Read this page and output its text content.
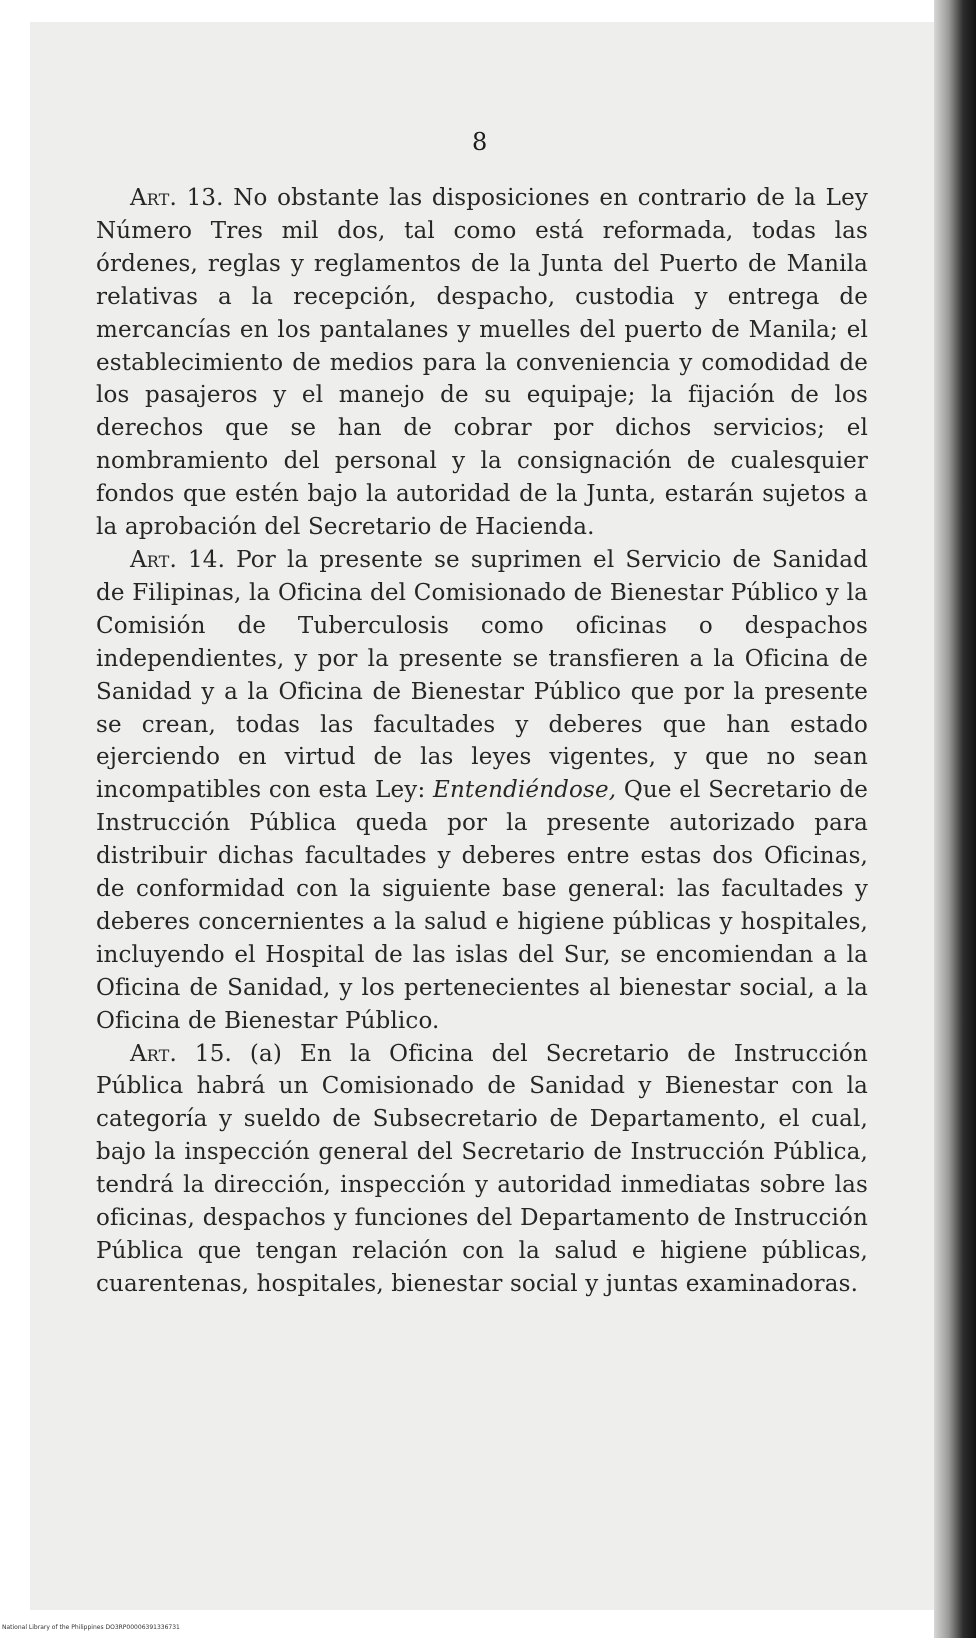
8

Art. 13. No obstante las disposiciones en contrario de la Ley Número Tres mil dos, tal como está reformada, todas las órdenes, reglas y reglamentos de la Junta del Puerto de Manila relativas a la recepción, despacho, custodia y entrega de mercancías en los pantalanes y muelles del puerto de Manila; el establecimiento de medios para la conveniencia y comodidad de los pasajeros y el manejo de su equipaje; la fijación de los derechos que se han de cobrar por dichos servicios; el nombramiento del personal y la consignación de cualesquier fondos que estén bajo la autoridad de la Junta, estarán sujetos a la aprobación del Secretario de Hacienda.

Art. 14. Por la presente se suprimen el Servicio de Sanidad de Filipinas, la Oficina del Comisionado de Bienestar Público y la Comisión de Tuberculosis como oficinas o despachos independientes, y por la presente se transfieren a la Oficina de Sanidad y a la Oficina de Bienestar Público que por la presente se crean, todas las facultades y deberes que han estado ejerciendo en virtud de las leyes vigentes, y que no sean incompatibles con esta Ley: Entendiéndose, Que el Secretario de Instrucción Pública queda por la presente autorizado para distribuir dichas facultades y deberes entre estas dos Oficinas, de conformidad con la siguiente base general: las facultades y deberes concernientes a la salud e higiene públicas y hospitales, incluyendo el Hospital de las islas del Sur, se encomiendan a la Oficina de Sanidad, y los pertenecientes al bienestar social, a la Oficina de Bienestar Público.

Art. 15. (a) En la Oficina del Secretario de Instrucción Pública habrá un Comisionado de Sanidad y Bienestar con la categoría y sueldo de Subsecretario de Departamento, el cual, bajo la inspección general del Secretario de Instrucción Pública, tendrá la dirección, inspección y autoridad inmediatas sobre las oficinas, despachos y funciones del Departamento de Instrucción Pública que tengan relación con la salud e higiene públicas, cuarentenas, hospitales, bienestar social y juntas examinadoras.

National Library of the Philippines DO3RP00006391336731
